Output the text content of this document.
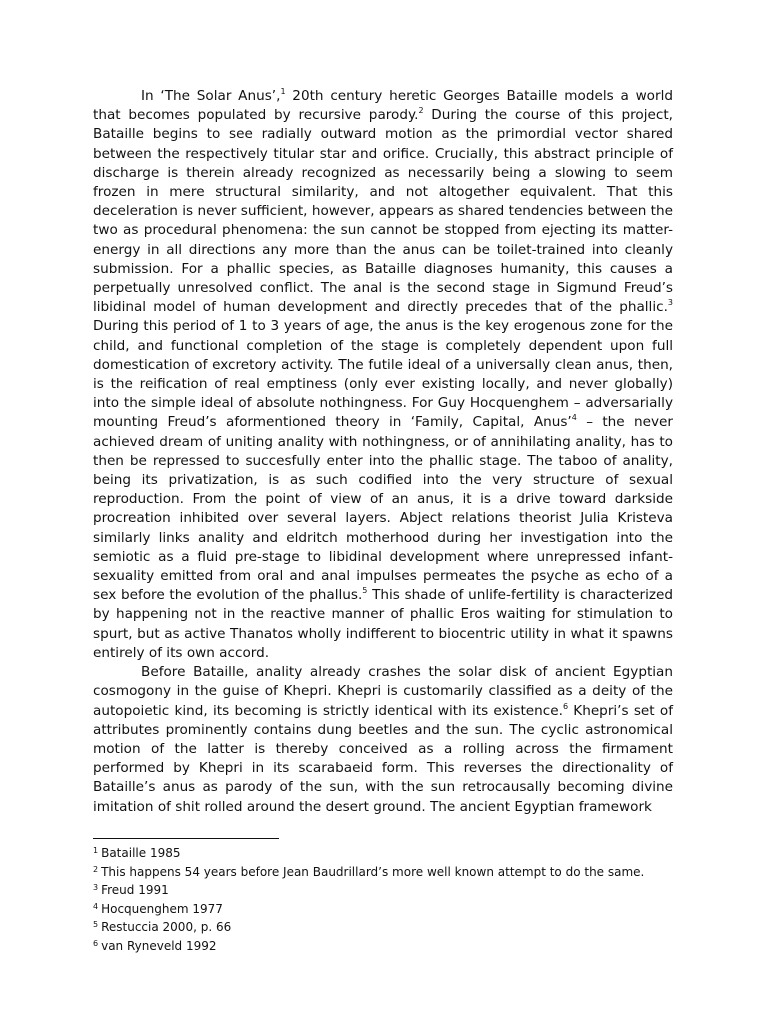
In ‘The Solar Anus’,$^1$ 20th century heretic Georges Bataille models a world that becomes populated by recursive parody.$^2$ During the course of this project, Bataille begins to see radially outward motion as the primordial vector shared between the respectively titular star and orifice. Crucially, this abstract principle of discharge is therein already recognized as necessarily being a slowing to seem frozen in mere structural similarity, and not altogether equivalent. That this deceleration is never sufficient, however, appears as shared tendencies between the two as procedural phenomena: the sun cannot be stopped from ejecting its matter-energy in all directions any more than the anus can be toilet-trained into cleanly submission. For a phallic species, as Bataille diagnoses humanity, this causes a perpetually unresolved conflict. The anal is the second stage in Sigmund Freud’s libidinal model of human development and directly precedes that of the phallic.$^3$ During this period of 1 to 3 years of age, the anus is the key erogenous zone for the child, and functional completion of the stage is completely dependent upon full domestication of excretory activity. The futile ideal of a universally clean anus, then, is the reification of real emptiness (only ever existing locally, and never globally) into the simple ideal of absolute nothingness. For Guy Hocquenghem – adversarially mounting Freud’s aformentioned theory in ‘Family, Capital, Anus’$^4$ – the never achieved dream of uniting anality with nothingness, or of annihilating anality, has to then be repressed to succesfully enter into the phallic stage. The taboo of anality, being its privatization, is as such codified into the very structure of sexual reproduction. From the point of view of an anus, it is a drive toward darkside procreation inhibited over several layers. Abject relations theorist Julia Kristeva similarly links anality and eldritch motherhood during her investigation into the semiotic as a fluid pre-stage to libidinal development where unrepressed infant-sexuality emitted from oral and anal impulses permeates the psyche as echo of a sex before the evolution of the phallus.$^5$ This shade of unlife-fertility is characterized by happening not in the reactive manner of phallic Eros waiting for stimulation to spurt, but as active Thanatos wholly indifferent to biocentric utility in what it spawns entirely of its own accord.

Before Bataille, anality already crashes the solar disk of ancient Egyptian cosmogony in the guise of Khepri. Khepri is customarily classified as a deity of the autopoietic kind, its becoming is strictly identical with its existence.$^6$ Khepri’s set of attributes prominently contains dung beetles and the sun. The cyclic astronomical motion of the latter is thereby conceived as a rolling across the firmament performed by Khepri in its scarabaeid form. This reverses the directionality of Bataille’s anus as parody of the sun, with the sun retrocausally becoming divine imitation of shit rolled around the desert ground. The ancient Egyptian framework

$^1$ Bataille 1985
$^2$ This happens 54 years before Jean Baudrillard’s more well known attempt to do the same.
$^3$ Freud 1991
$^4$ Hocquenghem 1977
$^5$ Restuccia 2000, p. 66
$^6$ van Ryneveld 1992
